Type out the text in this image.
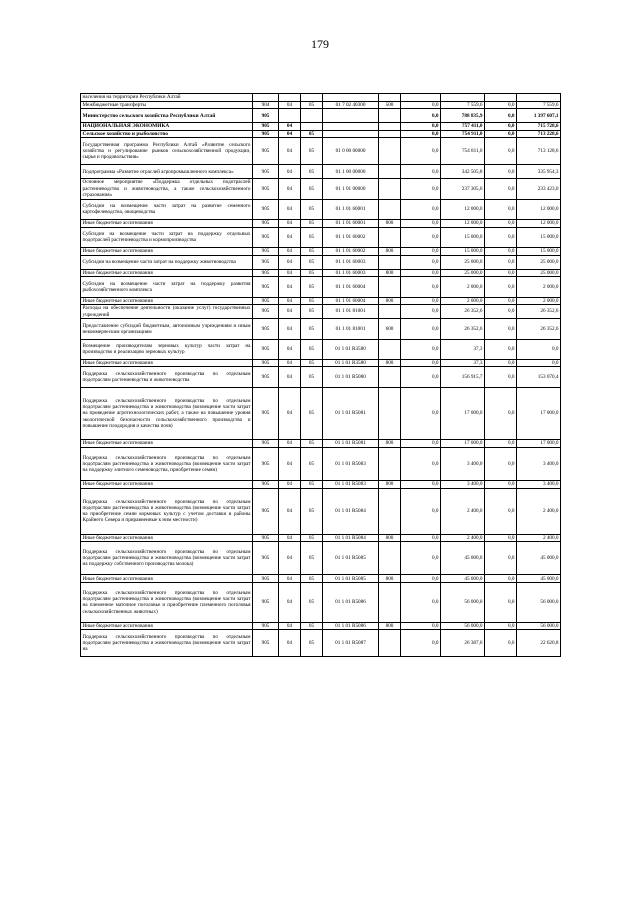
179
населения на территории Республики Алтай									
Межбюджетные трансферты	904	04	05	01 7 02 40300	500	0,0	7 559,6	0,0	7 559,6
Министерство сельского хозяйства Республики Алтай	905					0,0	788 835,9	0,0	1 397 607,1
НАЦИОНАЛЬНАЯ ЭКОНОМИКА	905	04				0,0	757 411,0	0,0	715 728,6
Сельское хозяйство и рыболовство	905	04	05			0,0	754 911,0	0,0	713 228,6
Государственная программа Республики Алтай «Развитие сельского хозяйства и регулирование рынков сельскохозяйственной продукции, сырья и продовольствия»	905	04	05	01 0 00 00000		0,0	754 811,0	0,0	713 128,6
Подпрограмма «Развитие отраслей агропромышленного комплекса»	905	04	05	01 1 00 00000		0,0	342 505,8	0,0	335 954,3
Основное мероприятие «Поддержка отдельных подотраслей растениеводства и животноводства, а также сельскохозяйственного страхования»	905	04	05	01 1 01 00000		0,0	237 305,6	0,0	233 423,0
Субсидии на возмещение части затрат на развитие семенного картофелеводства, овощеводства	905	04	05	01 1 01 60001		0,0	12 000,0	0,0	12 000,0
Иные бюджетные ассигнования	905	04	05	01 1 01 60001	800	0,0	12 000,0	0,0	12 000,0
Субсидии на возмещение части затрат на поддержку отдельных подотраслей растениеводства и кормопроизводства	905	04	05	01 1 01 60002		0,0	15 000,0	0,0	15 000,0
Иные бюджетные ассигнования	905	04	05	01 1 01 60002	800	0,0	15 000,0	0,0	15 000,0
Субсидии на возмещение части затрат на поддержку животноводства	905	04	05	01 1 01 60003		0,0	25 000,0	0,0	25 000,0
Иные бюджетные ассигнования	905	04	05	01 1 01 60003	800	0,0	25 000,0	0,0	25 000,0
Субсидии на возмещение части затрат на поддержку развития рыбохозяйственного комплекса	905	04	05	01 1 01 60004		0,0	2 000,0	0,0	2 000,0
Иные бюджетные ассигнования	905	04	05	01 1 01 60004	800	0,0	2 000,0	0,0	2 000,0
Расходы на обеспечение деятельности (оказание услуг) государственных учреждений	905	04	05	01 1 01 81001		0,0	26 352,6	0,0	26 352,6
Предоставление субсидий бюджетным, автономным учреждениям и иным некоммерческим организациям	905	04	05	01 1 01 81001	600	0,0	26 352,6	0,0	26 352,6
Возмещение производителям зерновых культур части затрат на производство и реализацию зерновых культур	905	04	05	01 1 01 R3580		0,0	37,3	0,0	0,0
Иные бюджетные ассигнования	905	04	05	01 1 01 R3580	800	0,0	37,3	0,0	0,0
Поддержка сельскохозяйственного производства по отдельным подотраслям растениеводства и животноводства	905	04	05	01 1 01 R5080		0,0	156 915,7	0,0	153 070,4
Поддержка сельскохозяйственного производства по отдельным подотраслям растениеводства и животноводства (возмещение части затрат на проведение агротехнологических работ, а также на повышение уровня экологической безопасности сельскохозяйственного производства и повышение плодородия и качества почв)	905	04	05	01 1 01 R5081		0,0	17 000,0	0,0	17 000,0
Иные бюджетные ассигнования	905	04	05	01 1 01 R5081	800	0,0	17 000,0	0,0	17 000,0
Поддержка сельскохозяйственного производства по отдельным подотраслям растениеводства и животноводства (возмещение части затрат на поддержку элитного семеноводства, приобретение семян)	905	04	05	01 1 01 R5083		0,0	3 400,0	0,0	3 400,0
Иные бюджетные ассигнования	905	04	05	01 1 01 R5083	800	0,0	3 400,0	0,0	3 400,0
Поддержка сельскохозяйственного производства по отдельным подотраслям растениеводства и животноводства (возмещение части затрат на приобретение семян кормовых культур с учетом доставки в районы Крайнего Севера и приравненные к ним местности)	905	04	05	01 1 01 R5084		0,0	2 400,0	0,0	2 400,0
Иные бюджетные ассигнования	905	04	05	01 1 01 R5084	800	0,0	2 400,0	0,0	2 400,0
Поддержка сельскохозяйственного производства по отдельным подотраслям растениеводства и животноводства (возмещение части затрат на поддержку собственного производства молока)	905	04	05	01 1 01 R5085		0,0	45 000,0	0,0	45 000,0
Иные бюджетные ассигнования	905	04	05	01 1 01 R5085	800	0,0	45 000,0	0,0	45 000,0
Поддержка сельскохозяйственного производства по отдельным подотраслям растениеводства и животноводства (возмещение части затрат на племенное маточное поголовье и приобретение племенного поголовья сельскохозяйственных животных)	905	04	05	01 1 01 R5086		0,0	56 000,0	0,0	56 000,0
Иные бюджетные ассигнования	905	04	05	01 1 01 R5086	800	0,0	56 000,0	0,0	56 000,0
Поддержка сельскохозяйственного производства по отдельным подотраслям растениеводства и животноводства (возмещение части затрат на	905	04	05	01 1 01 R5087		0,0	26 387,6	0,0	22 620,8
